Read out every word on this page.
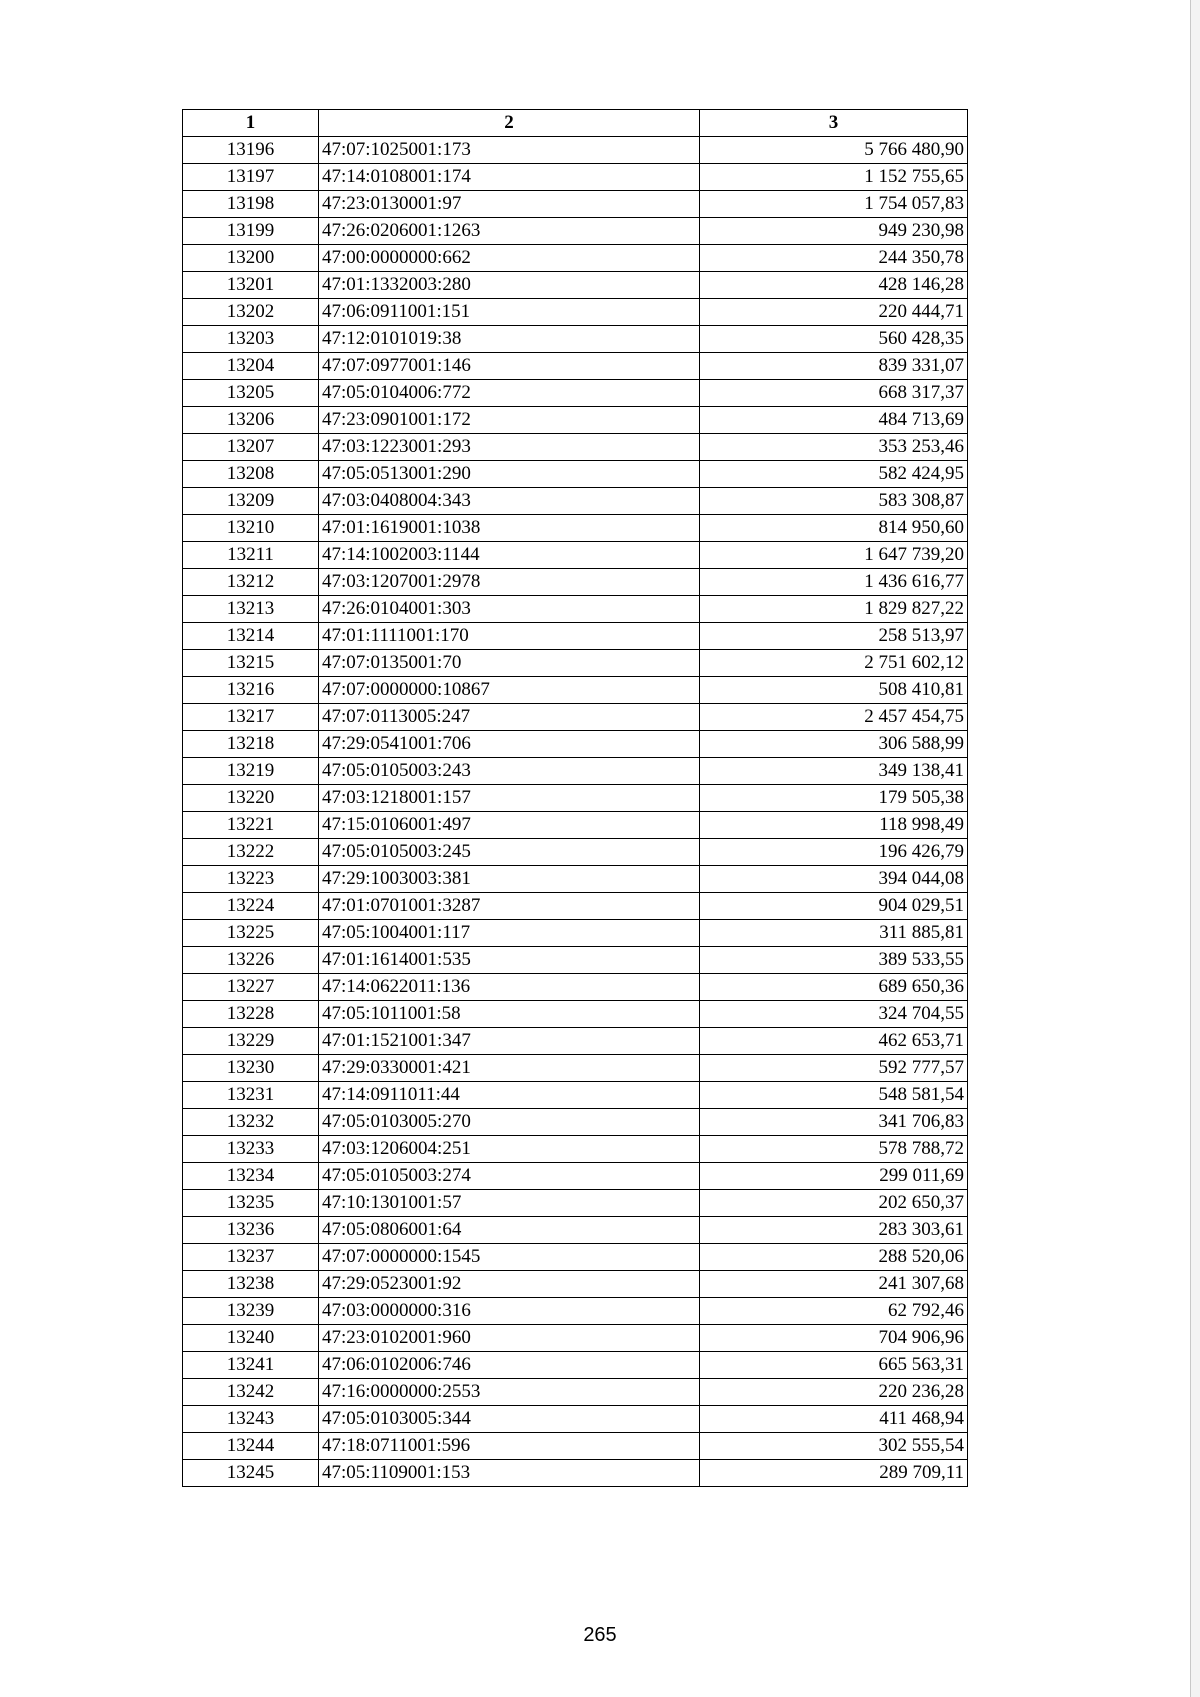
1	2	3
13196	47:07:1025001:173	5 766 480,90
13197	47:14:0108001:174	1 152 755,65
13198	47:23:0130001:97	1 754 057,83
13199	47:26:0206001:1263	949 230,98
13200	47:00:0000000:662	244 350,78
13201	47:01:1332003:280	428 146,28
13202	47:06:0911001:151	220 444,71
13203	47:12:0101019:38	560 428,35
13204	47:07:0977001:146	839 331,07
13205	47:05:0104006:772	668 317,37
13206	47:23:0901001:172	484 713,69
13207	47:03:1223001:293	353 253,46
13208	47:05:0513001:290	582 424,95
13209	47:03:0408004:343	583 308,87
13210	47:01:1619001:1038	814 950,60
13211	47:14:1002003:1144	1 647 739,20
13212	47:03:1207001:2978	1 436 616,77
13213	47:26:0104001:303	1 829 827,22
13214	47:01:1111001:170	258 513,97
13215	47:07:0135001:70	2 751 602,12
13216	47:07:0000000:10867	508 410,81
13217	47:07:0113005:247	2 457 454,75
13218	47:29:0541001:706	306 588,99
13219	47:05:0105003:243	349 138,41
13220	47:03:1218001:157	179 505,38
13221	47:15:0106001:497	118 998,49
13222	47:05:0105003:245	196 426,79
13223	47:29:1003003:381	394 044,08
13224	47:01:0701001:3287	904 029,51
13225	47:05:1004001:117	311 885,81
13226	47:01:1614001:535	389 533,55
13227	47:14:0622011:136	689 650,36
13228	47:05:1011001:58	324 704,55
13229	47:01:1521001:347	462 653,71
13230	47:29:0330001:421	592 777,57
13231	47:14:0911011:44	548 581,54
13232	47:05:0103005:270	341 706,83
13233	47:03:1206004:251	578 788,72
13234	47:05:0105003:274	299 011,69
13235	47:10:1301001:57	202 650,37
13236	47:05:0806001:64	283 303,61
13237	47:07:0000000:1545	288 520,06
13238	47:29:0523001:92	241 307,68
13239	47:03:0000000:316	62 792,46
13240	47:23:0102001:960	704 906,96
13241	47:06:0102006:746	665 563,31
13242	47:16:0000000:2553	220 236,28
13243	47:05:0103005:344	411 468,94
13244	47:18:0711001:596	302 555,54
13245	47:05:1109001:153	289 709,11
265
